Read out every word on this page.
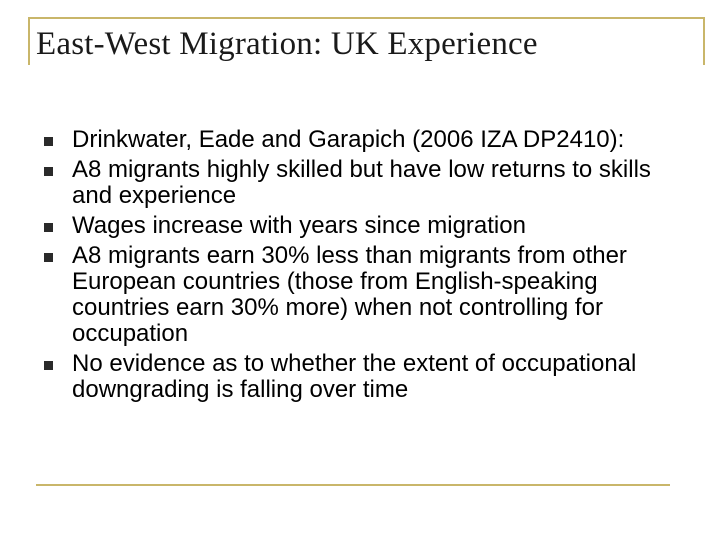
East-West Migration: UK Experience
Drinkwater, Eade and Garapich (2006 IZA DP2410):
A8 migrants highly skilled but have low returns to skills and experience
Wages increase with years since migration
A8 migrants earn 30% less than migrants from other European countries (those from English-speaking countries earn 30% more) when not controlling for occupation
No evidence as to whether the extent of occupational downgrading is falling over time
